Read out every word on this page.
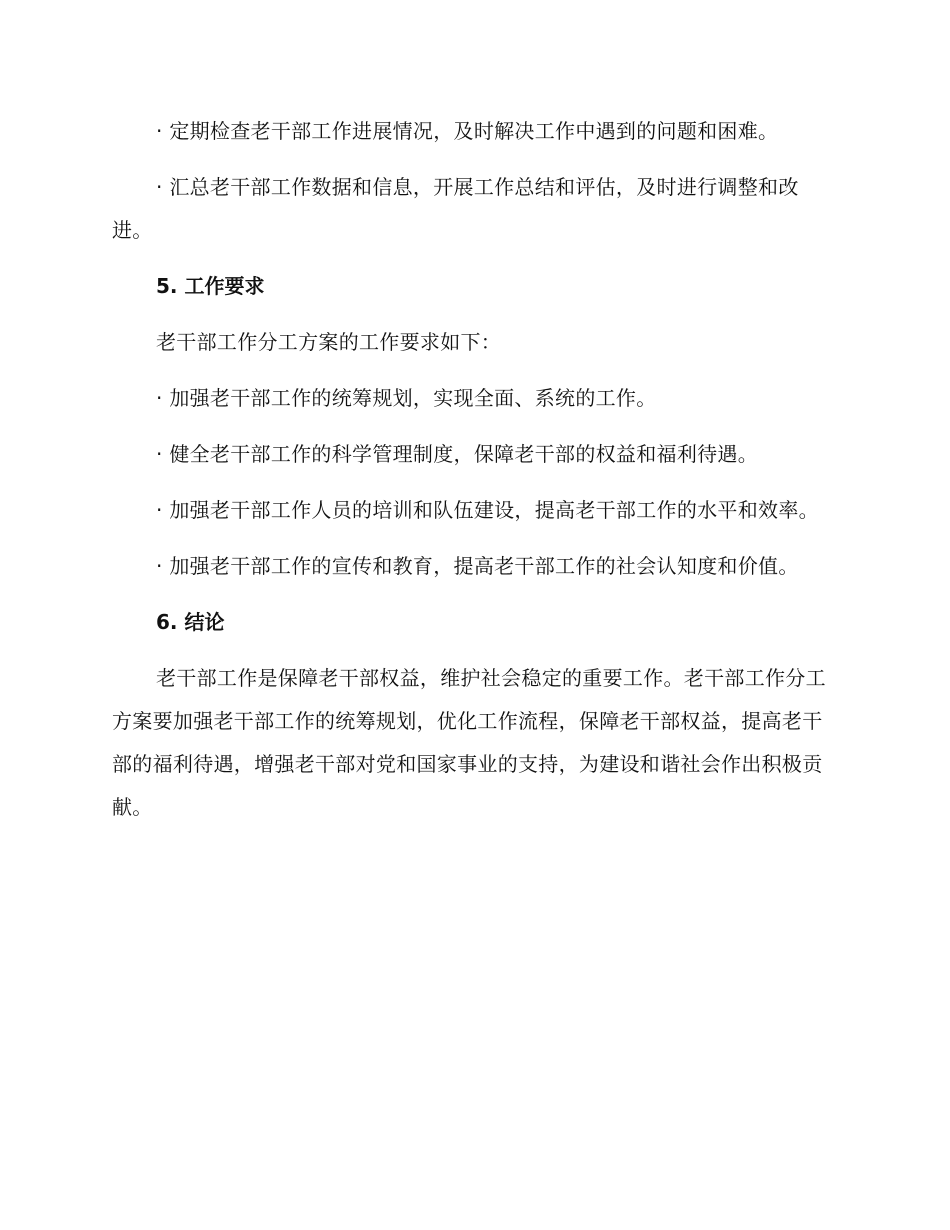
· 定期检查老干部工作进展情况，及时解决工作中遇到的问题和困难。

· 汇总老干部工作数据和信息，开展工作总结和评估，及时进行调整和改进。

5. 工作要求

老干部工作分工方案的工作要求如下：

· 加强老干部工作的统筹规划，实现全面、系统的工作。

· 健全老干部工作的科学管理制度，保障老干部的权益和福利待遇。

· 加强老干部工作人员的培训和队伍建设，提高老干部工作的水平和效率。

· 加强老干部工作的宣传和教育，提高老干部工作的社会认知度和价值。

6. 结论

老干部工作是保障老干部权益，维护社会稳定的重要工作。老干部工作分工方案要加强老干部工作的统筹规划，优化工作流程，保障老干部权益，提高老干部的福利待遇，增强老干部对党和国家事业的支持，为建设和谐社会作出积极贡献。
